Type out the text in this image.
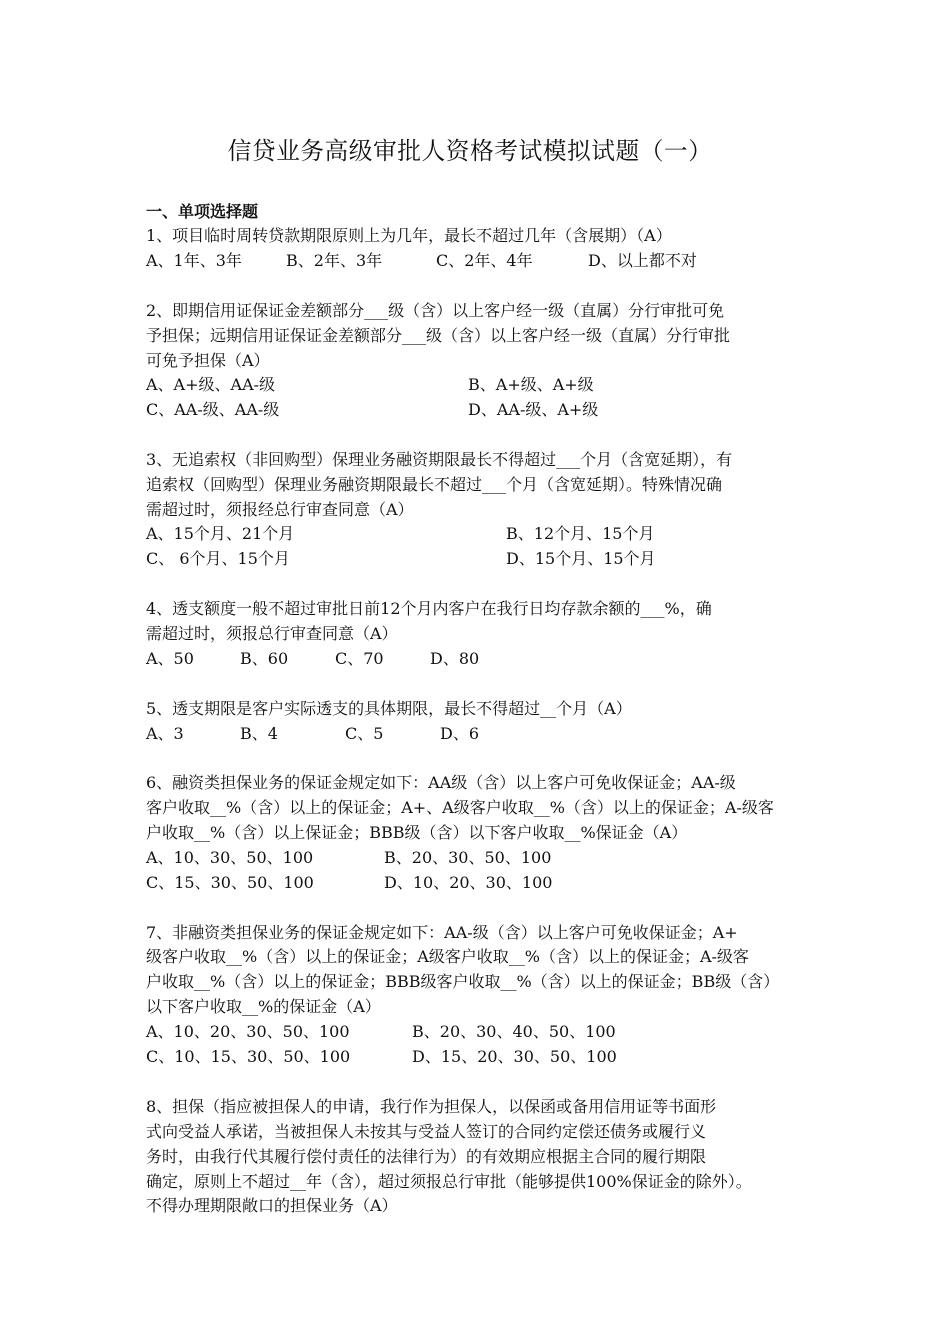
信贷业务高级审批人资格考试模拟试题（一）
一、单项选择题
1、项目临时周转贷款期限原则上为几年，最长不超过几年（含展期）（A）
A、1年、3年	B、2年、3年	C、2年、4年	D、以上都不对
2、即期信用证保证金差额部分___级（含）以上客户经一级（直属）分行审批可免
予担保；远期信用证保证金差额部分___级（含）以上客户经一级（直属）分行审批
可免予担保（A）
A、A+级、AA-级	B、A+级、A+级
C、AA-级、AA-级	D、AA-级、A+级
3、无追索权（非回购型）保理业务融资期限最长不得超过___个月（含宽延期），有
追索权（回购型）保理业务融资期限最长不超过___个月（含宽延期）。特殊情况确
需超过时，须报经总行审查同意（A）
A、15个月、21个月	B、12个月、15个月
C、 6个月、15个月	D、15个月、15个月
4、透支额度一般不超过审批日前12个月内客户在我行日均存款余额的___%，确
需超过时，须报总行审查同意（A）
A、50	B、60	C、70	D、80
5、透支期限是客户实际透支的具体期限，最长不得超过__个月（A）
A、3	B、4	C、5	D、6
6、融资类担保业务的保证金规定如下：AA级（含）以上客户可免收保证金；AA-级
客户收取__%（含）以上的保证金；A+、A级客户收取__%（含）以上的保证金；A-级客
户收取__%（含）以上保证金；BBB级（含）以下客户收取__%保证金（A）
A、10、30、50、100	B、20、30、50、100
C、15、30、50、100	D、10、20、30、100
7、非融资类担保业务的保证金规定如下：AA-级（含）以上客户可免收保证金；A+
级客户收取__%（含）以上的保证金；A级客户收取__%（含）以上的保证金；A-级客
户收取__%（含）以上的保证金；BBB级客户收取__%（含）以上的保证金；BB级（含）
以下客户收取__%的保证金（A）
A、10、20、30、50、100	B、20、30、40、50、100
C、10、15、30、50、100	D、15、20、30、50、100
8、担保（指应被担保人的申请，我行作为担保人，以保函或备用信用证等书面形
式向受益人承诺，当被担保人未按其与受益人签订的合同约定偿还债务或履行义
务时，由我行代其履行偿付责任的法律行为）的有效期应根据主合同的履行期限
确定，原则上不超过__年（含），超过须报总行审批（能够提供100%保证金的除外）。
不得办理期限敞口的担保业务（A）
